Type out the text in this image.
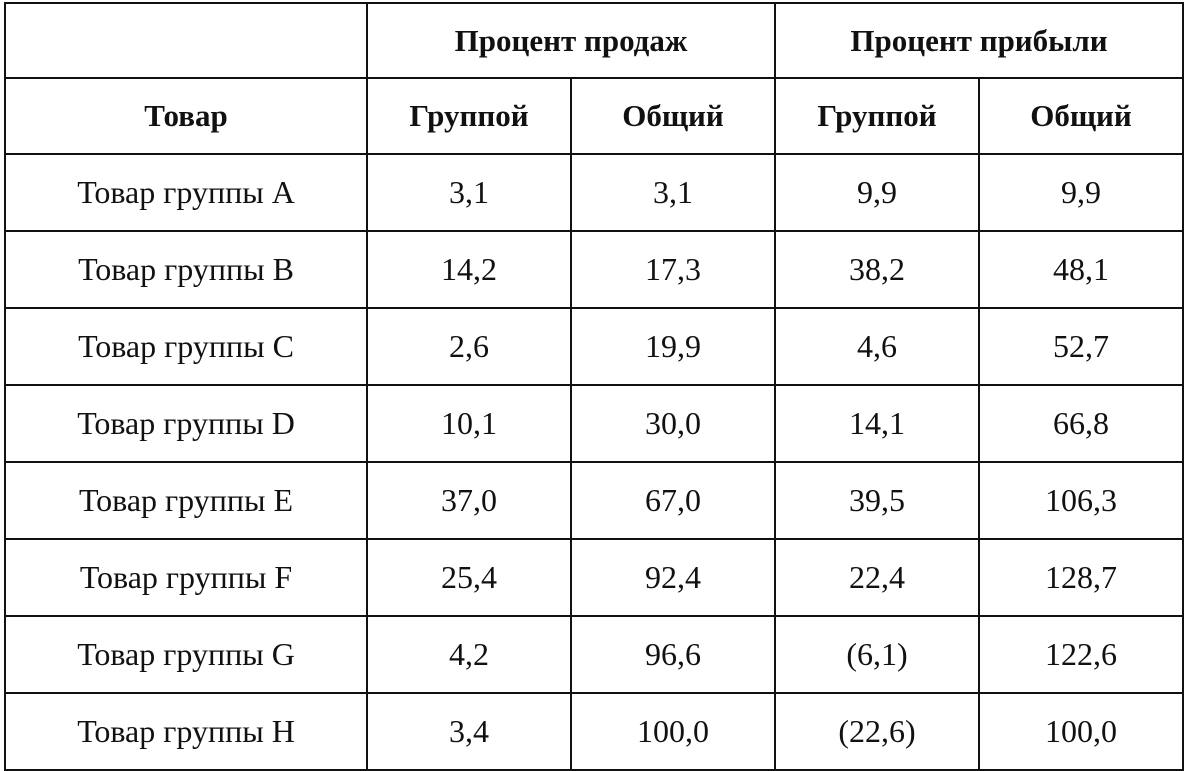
	Процент продаж		Процент прибыли	
Товар	Группой	Общий	Группой	Общий
Товар группы A	3,1	3,1	9,9	9,9
Товар группы B	14,2	17,3	38,2	48,1
Товар группы C	2,6	19,9	4,6	52,7
Товар группы D	10,1	30,0	14,1	66,8
Товар группы E	37,0	67,0	39,5	106,3
Товар группы F	25,4	92,4	22,4	128,7
Товар группы G	4,2	96,6	(6,1)	122,6
Товар группы H	3,4	100,0	(22,6)	100,0
